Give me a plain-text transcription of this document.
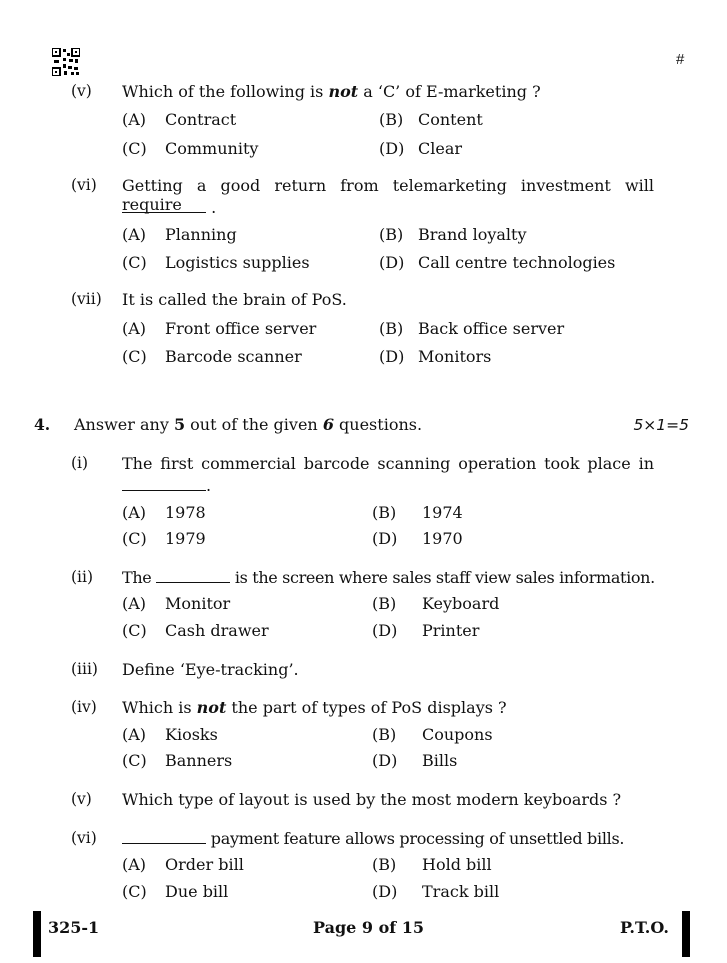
#
(v) Which of the following is not a ‘C’ of E-marketing ?
(A) Contract	(B) Content
(C) Community	(D) Clear
(vi) Getting a good return from telemarketing investment will require	.
(A) Planning	(B) Brand loyalty
(C) Logistics supplies	(D) Call centre technologies
(vii) It is called the brain of PoS.
(A) Front office server	(B) Back office server
(C) Barcode scanner	(D) Monitors
4. Answer any 5 out of the given 6 questions.	5×1=5
(i) The first commercial barcode scanning operation took place in
.
(A) 1978	(B) 1974
(C) 1979	(D) 1970
(ii) The	is the screen where sales staff view sales information.
(A) Monitor	(B) Keyboard
(C) Cash drawer	(D) Printer
(iii) Define ‘Eye-tracking’.
(iv) Which is not the part of types of PoS displays ?
(A) Kiosks	(B) Coupons
(C) Banners	(D) Bills
(v) Which type of layout is used by the most modern keyboards ?
(vi)	payment feature allows processing of unsettled bills.
(A) Order bill	(B) Hold bill
(C) Due bill	(D) Track bill
325-1	Page 9 of 15	P.T.O.
